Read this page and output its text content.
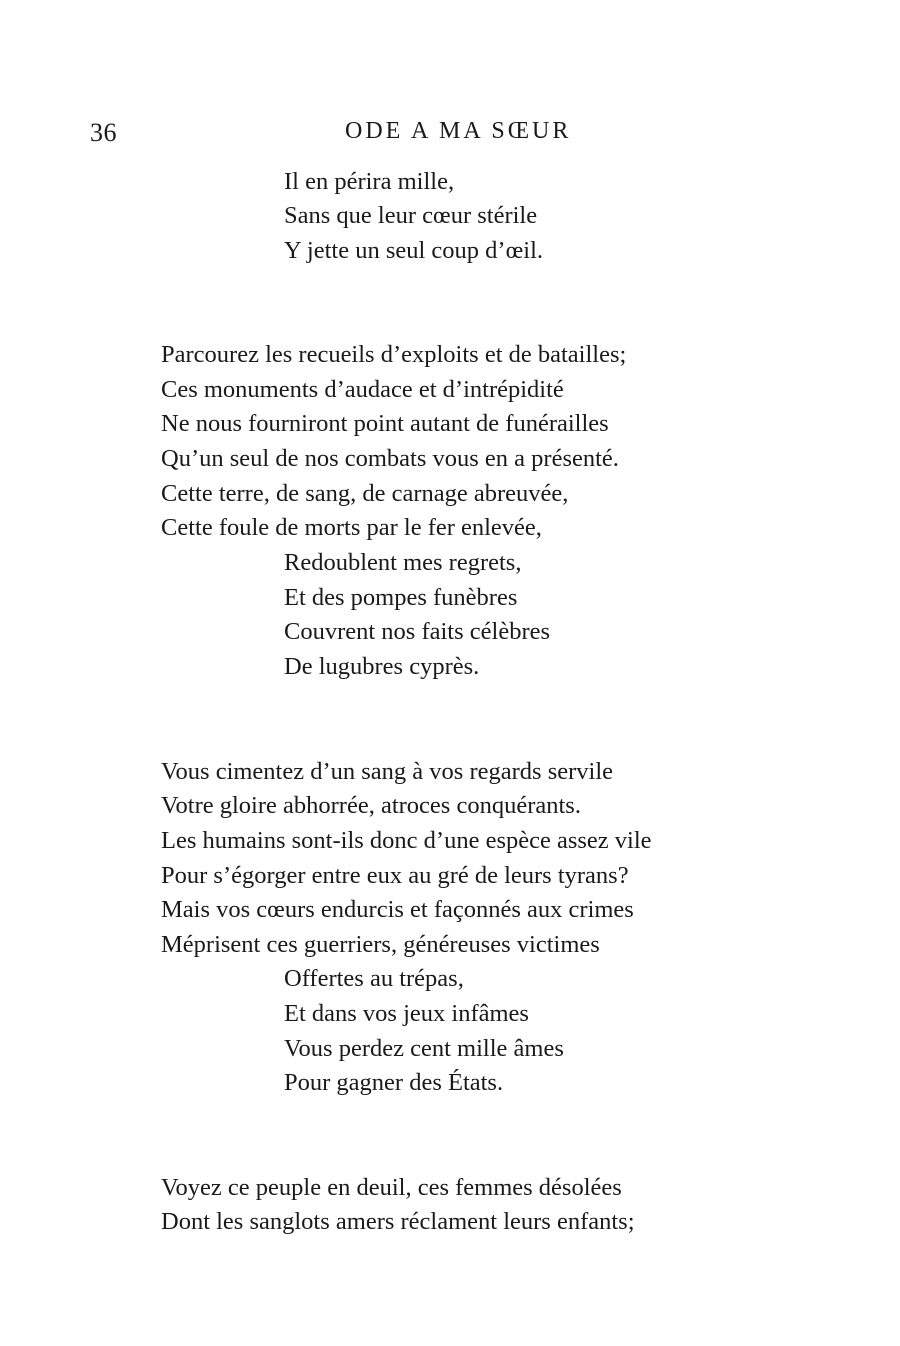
36	ODE A MA SŒUR
Il en périra mille,
Sans que leur cœur stérile
Y jette un seul coup d’œil.
Parcourez les recueils d’exploits et de batailles;
Ces monuments d’audace et d’intrépidité
Ne nous fourniront point autant de funérailles
Qu’un seul de nos combats vous en a présenté.
Cette terre, de sang, de carnage abreuvée,
Cette foule de morts par le fer enlevée,
Redoublent mes regrets,
Et des pompes funèbres
Couvrent nos faits célèbres
De lugubres cyprès.
Vous cimentez d’un sang à vos regards servile
Votre gloire abhorrée, atroces conquérants.
Les humains sont-ils donc d’une espèce assez vile
Pour s’égorger entre eux au gré de leurs tyrans?
Mais vos cœurs endurcis et façonnés aux crimes
Méprisent ces guerriers, généreuses victimes
Offertes au trépas,
Et dans vos jeux infâmes
Vous perdez cent mille âmes
Pour gagner des États.
Voyez ce peuple en deuil, ces femmes désolées
Dont les sanglots amers réclament leurs enfants;
